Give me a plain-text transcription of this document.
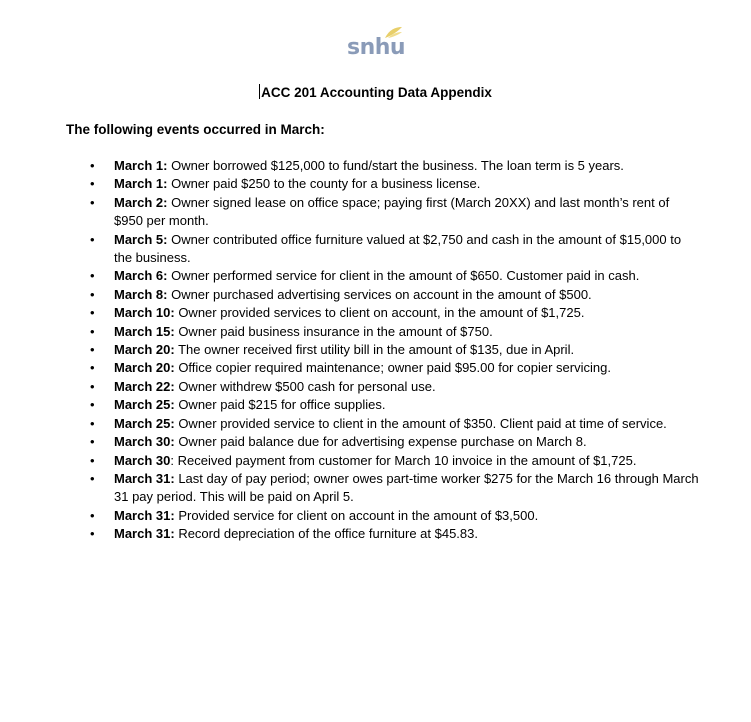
snhu
ACC 201 Accounting Data Appendix
The following events occurred in March:
• March 1: Owner borrowed $125,000 to fund/start the business. The loan term is 5 years.
• March 1: Owner paid $250 to the county for a business license.
• March 2: Owner signed lease on office space; paying first (March 20XX) and last month’s rent of $950 per month.
• March 5: Owner contributed office furniture valued at $2,750 and cash in the amount of $15,000 to the business.
• March 6: Owner performed service for client in the amount of $650. Customer paid in cash.
• March 8: Owner purchased advertising services on account in the amount of $500.
• March 10: Owner provided services to client on account, in the amount of $1,725.
• March 15: Owner paid business insurance in the amount of $750.
• March 20: The owner received first utility bill in the amount of $135, due in April.
• March 20: Office copier required maintenance; owner paid $95.00 for copier servicing.
• March 22: Owner withdrew $500 cash for personal use.
• March 25: Owner paid $215 for office supplies.
• March 25: Owner provided service to client in the amount of $350. Client paid at time of service.
• March 30: Owner paid balance due for advertising expense purchase on March 8.
• March 30: Received payment from customer for March 10 invoice in the amount of $1,725.
• March 31: Last day of pay period; owner owes part-time worker $275 for the March 16 through March 31 pay period. This will be paid on April 5.
• March 31: Provided service for client on account in the amount of $3,500.
• March 31: Record depreciation of the office furniture at $45.83.
